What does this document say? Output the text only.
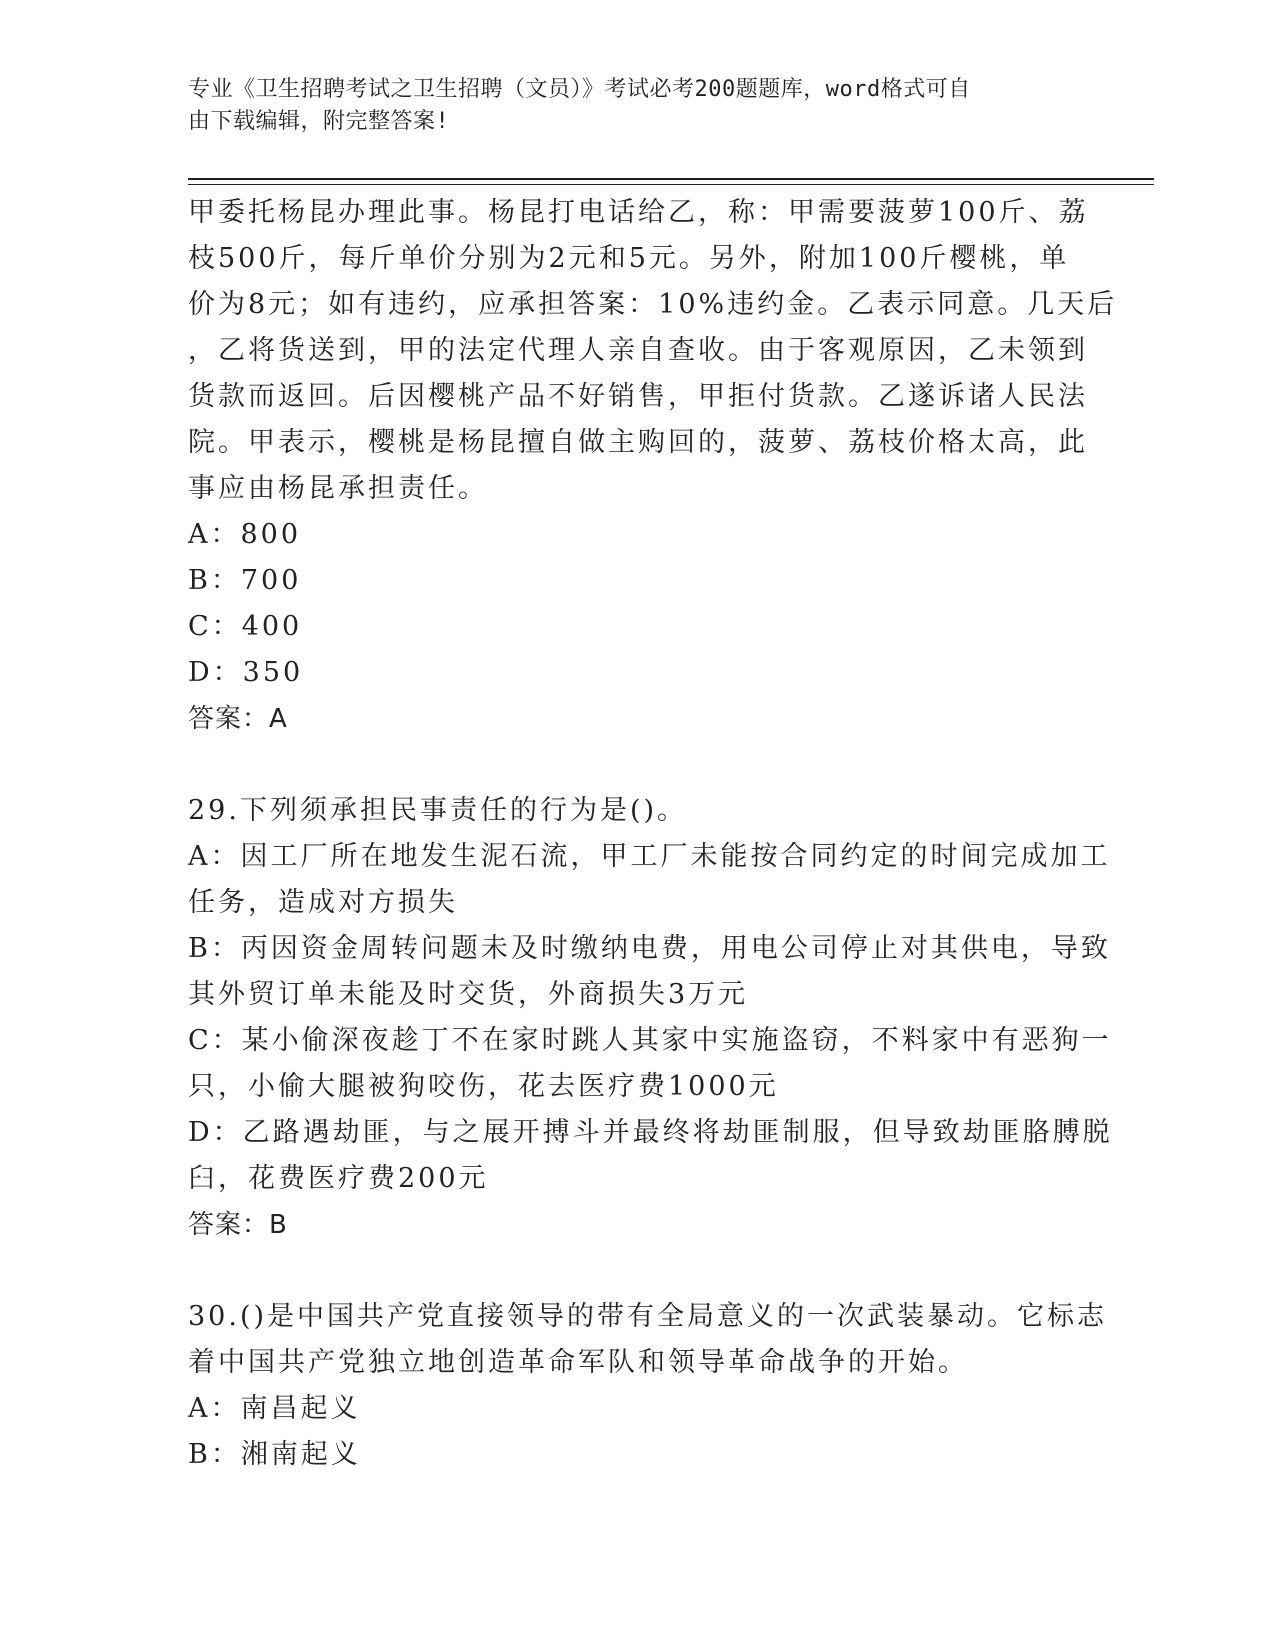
专业《卫生招聘考试之卫生招聘（文员）》考试必考200题题库，word格式可自
由下载编辑，附完整答案!
甲委托杨昆办理此事。杨昆打电话给乙，称：甲需要菠萝100斤、荔
枝500斤，每斤单价分别为2元和5元。另外，附加100斤樱桃，单
价为8元；如有违约，应承担答案：10%违约金。乙表示同意。几天后
，乙将货送到，甲的法定代理人亲自查收。由于客观原因，乙未领到
货款而返回。后因樱桃产品不好销售，甲拒付货款。乙遂诉诸人民法
院。甲表示，樱桃是杨昆擅自做主购回的，菠萝、荔枝价格太高，此
事应由杨昆承担责任。
A：800
B：700
C：400
D：350
答案：A
29.下列须承担民事责任的行为是()。
A：因工厂所在地发生泥石流，甲工厂未能按合同约定的时间完成加工
任务，造成对方损失
B：丙因资金周转问题未及时缴纳电费，用电公司停止对其供电，导致
其外贸订单未能及时交货，外商损失3万元
C：某小偷深夜趁丁不在家时跳人其家中实施盗窃，不料家中有恶狗一
只，小偷大腿被狗咬伤，花去医疗费1000元
D：乙路遇劫匪，与之展开搏斗并最终将劫匪制服，但导致劫匪胳膊脱
臼，花费医疗费200元
答案：B
30.()是中国共产党直接领导的带有全局意义的一次武装暴动。它标志
着中国共产党独立地创造革命军队和领导革命战争的开始。
A：南昌起义
B：湘南起义
